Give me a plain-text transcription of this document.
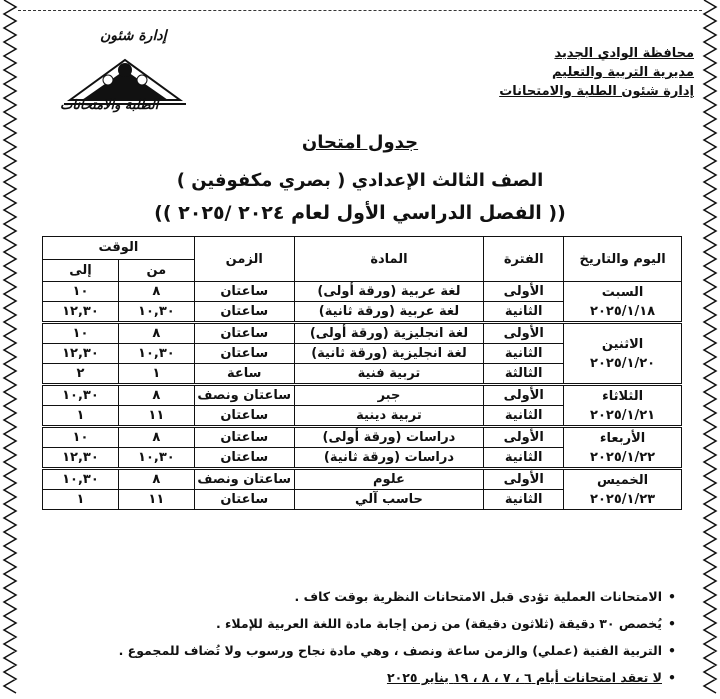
إدارة شئون
الطلبة والامتحانات
محافظة الوادي الجديد
مديرية التربية والتعليم
إدارة شئون الطلبة والامتحانات
جدول امتحان
الصف الثالث الإعدادي ( بصري مكفوفين )
(( الفصل الدراسي الأول لعام ٢٠٢٤ /٢٠٢٥ ))
اليوم والتاريخ	الفترة	المادة	الزمن	الوقت	
				من	إلى

السبت
٢٠٢٥/١/١٨	الأولى	لغة عربية (ورقة أولى)	ساعتان	٨	١٠
	الثانية	لغة عربية (ورقة ثانية)	ساعتان	١٠,٣٠	١٢,٣٠

الاثنين
٢٠٢٥/١/٢٠	الأولى	لغة انجليزية (ورقة أولى)	ساعتان	٨	١٠
	الثانية	لغة انجليزية (ورقة ثانية)	ساعتان	١٠,٣٠	١٢,٣٠
	الثالثة	تربية فنية	ساعة	١	٢

الثلاثاء
٢٠٢٥/١/٢١	الأولى	جبر	ساعتان ونصف	٨	١٠,٣٠
	الثانية	تربية دينية	ساعتان	١١	١

الأربعاء
٢٠٢٥/١/٢٢	الأولى	دراسات (ورقة أولى)	ساعتان	٨	١٠
	الثانية	دراسات (ورقة ثانية)	ساعتان	١٠,٣٠	١٢,٣٠

الخميس
٢٠٢٥/١/٢٣	الأولى	علوم	ساعتان ونصف	٨	١٠,٣٠
	الثانية	حاسب آلي	ساعتان	١١	١
• الامتحانات العملية تؤدى قبل الامتحانات النظرية بوقت كاف .
• يُخصص ٣٠ دقيقة (ثلاثون دقيقة) من زمن إجابة مادة اللغة العربية للإملاء .
• التربية الفنية (عملي) والزمن ساعة ونصف ، وهي مادة نجاح ورسوب ولا تُضاف للمجموع .
• لا تعقد امتحانات أيام ٦ ، ٧ ، ٨ ، ١٩ يناير ٢٠٢٥
